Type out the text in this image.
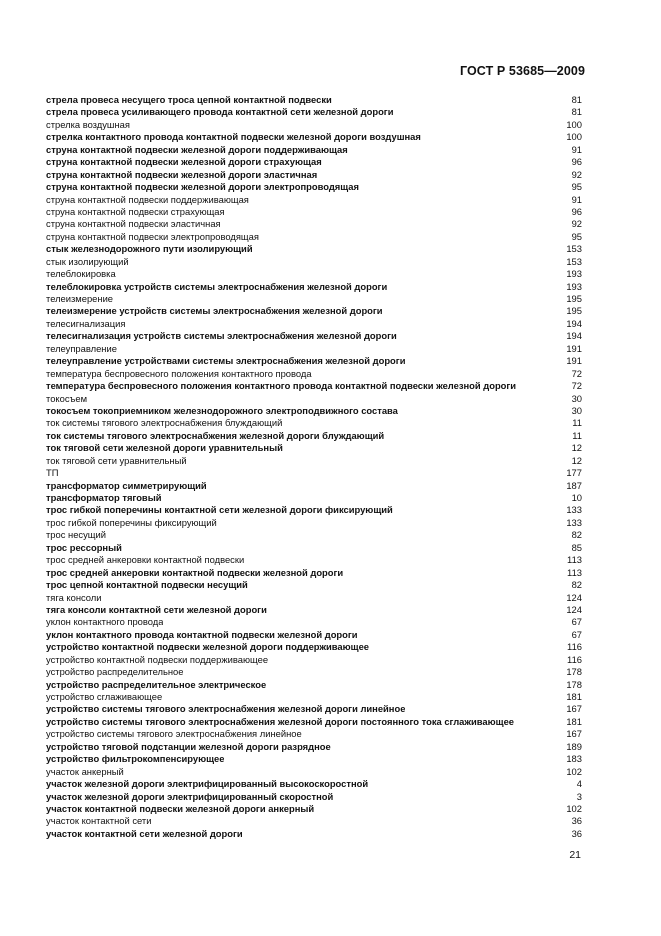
ГОСТ Р 53685—2009
стрела провеса несущего троса цепной контактной подвески	81
стрела провеса усиливающего провода контактной сети железной дороги	81
стрелка воздушная	100
стрелка контактного провода контактной подвески железной дороги воздушная	100
струна контактной подвески железной дороги поддерживающая	91
струна контактной подвески железной дороги страхующая	96
струна контактной подвески железной дороги эластичная	92
струна контактной подвески железной дороги электропроводящая	95
струна контактной подвески поддерживающая	91
струна контактной подвески страхующая	96
струна контактной подвески эластичная	92
струна контактной подвески электропроводящая	95
стык железнодорожного пути изолирующий	153
стык изолирующий	153
телеблокировка	193
телеблокировка устройств системы электроснабжения железной дороги	193
телеизмерение	195
телеизмерение устройств системы электроснабжения железной дороги	195
телесигнализация	194
телесигнализация устройств системы электроснабжения железной дороги	194
телеуправление	191
телеуправление устройствами системы электроснабжения железной дороги	191
температура беспровесного положения контактного провода	72
температура беспровесного положения контактного провода контактной подвески железной дороги	72
токосъем	30
токосъем токоприемником железнодорожного электроподвижного состава	30
ток системы тягового электроснабжения блуждающий	11
ток системы тягового электроснабжения железной дороги блуждающий	11
ток тяговой сети железной дороги уравнительный	12
ток тяговой сети уравнительный	12
ТП	177
трансформатор симметрирующий	187
трансформатор тяговый	10
трос гибкой поперечины контактной сети железной дороги фиксирующий	133
трос гибкой поперечины фиксирующий	133
трос несущий	82
трос рессорный	85
трос средней анкеровки контактной подвески	113
трос средней анкеровки контактной подвески железной дороги	113
трос цепной контактной подвески несущий	82
тяга консоли	124
тяга консоли контактной сети железной дороги	124
уклон контактного провода	67
уклон контактного провода контактной подвески железной дороги	67
устройство контактной подвески железной дороги поддерживающее	116
устройство контактной подвески поддерживающее	116
устройство распределительное	178
устройство распределительное электрическое	178
устройство сглаживающее	181
устройство системы тягового электроснабжения железной дороги линейное	167
устройство системы тягового электроснабжения железной дороги постоянного тока сглаживающее	181
устройство системы тягового электроснабжения линейное	167
устройство тяговой подстанции железной дороги разрядное	189
устройство фильтрокомпенсирующее	183
участок анкерный	102
участок железной дороги электрифицированный высокоскоростной	4
участок железной дороги электрифицированный скоростной	3
участок контактной подвески железной дороги анкерный	102
участок контактной сети	36
участок контактной сети железной дороги	36
21
